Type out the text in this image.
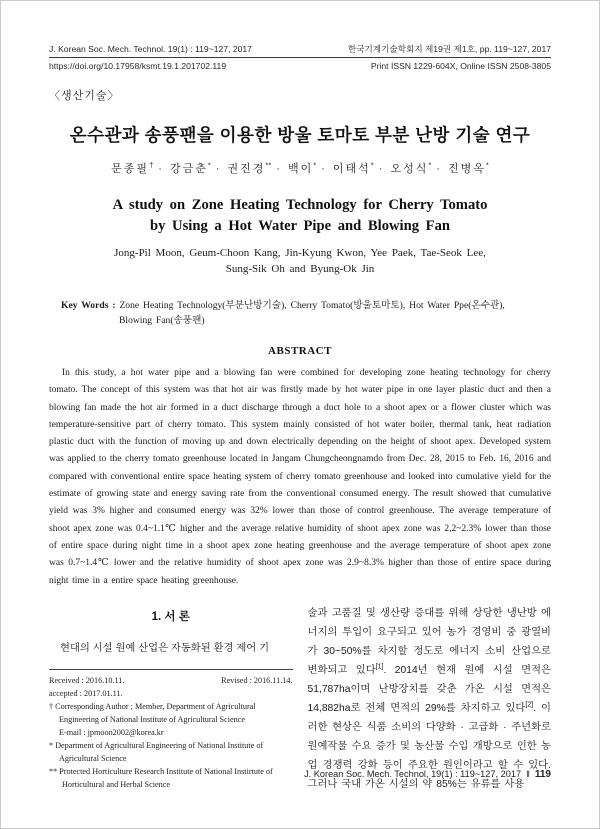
J. Korean Soc. Mech. Technol. 19(1) : 119~127, 2017	한국기계기술학회지 제19권 제1호, pp. 119~127, 2017
https://doi.org/10.17958/ksmt.19.1.201702.119	Print ISSN 1229-604X, Online ISSN 2508-3805
〈생산기술〉
온수관과 송풍팬을 이용한 방울 토마토 부분 난방 기술 연구
문종필† · 강금춘* · 권진경** · 백이* · 이태석* · 오성식* · 진병옥*
A study on Zone Heating Technology for Cherry Tomato
by Using a Hot Water Pipe and Blowing Fan
Jong-Pil Moon, Geum-Choon Kang, Jin-Kyung Kwon, Yee Paek, Tae-Seok Lee,
Sung-Sik Oh and Byung-Ok Jin
Key Words : Zone Heating Technology(부분난방기술), Cherry Tomato(방울토마토), Hot Water Ppe(온수관), Blowing Fan(송풍팬)
ABSTRACT
In this study, a hot water pipe and a blowing fan were combined for developing zone heating technology for cherry tomato. The concept of this system was that hot air was firstly made by hot water pipe in one layer plastic duct and then a blowing fan made the hot air formed in a duct discharge through a duct hole to a shoot apex or a flower cluster which was temperature-sensitive part of cherry tomato. This system mainly consisted of hot water boiler, thermal tank, heat radiation plastic duct with the function of moving up and down electrically depending on the height of shoot apex. Developed system was applied to the cherry tomato greenhouse located in Jangam Chungcheongnamdo from Dec. 28, 2015 to Feb. 16, 2016 and compared with conventional entire space heating system of cherry tomato greenhouse and looked into cumulative yield for the estimate of growing state and energy saving rate from the conventional consumed energy. The result showed that cumulative yield was 3% higher and consumed energy was 32% lower than those of control greenhouse. The average temperature of shoot apex zone was 0.4~1.1℃ higher and the average relative humidity of shoot apex zone was 2,2~2.3% lower than those of entire space during night time in a shoot apex zone heating greenhouse and the average temperature of shoot apex zone was 0.7~1.4℃ lower and the relative humidity of shoot apex zone was 2.9~8.3% higher than those of entire space during night time in a entire space heating greenhouse.
1. 서 론
현대의 시설 원예 산업은 자동화된 환경 제어 기
Received : 2016.10.11.	Revised : 2016.11.14.
accepted : 2017.01.11.
† Corresponding Author ; Member, Department of Agricultural Engineering of National Institute of Agricultural Science
E-mail : jpmoon2002@korea.kr
* Department of Agricultural Engineering of National Institute of Agricultural Science
** Protected Horticulture Research Institute of National Instirtute of Horticultural and Herbal Science
술과 고품질 및 생산량 증대를 위해 상당한 냉난방 에너지의 투입이 요구되고 있어 농가 경영비 중 광열비가 30~50%를 차지할 정도로 에너지 소비 산업으로 변화되고 있다[1]. 2014년 현재 원예 시설 면적은 51,787ha이며 난방장치를 갖춘 가온 시설 면적은 14,882ha로 전체 면적의 29%를 차지하고 있다[2]. 이러한 현상은 식품 소비의 다양화 · 고급화 · 주년화로 원예작물 수요 증가 및 농산물 수입 개방으로 인한 농업 경쟁력 강화 등이 주요한 원인이라고 할 수 있다. 그러나 국내 가온 시설의 약 85%는 유류를 사용
J. Korean Soc. Mech. Technol, 19(1) : 119~127, 2017 ‖ 119
